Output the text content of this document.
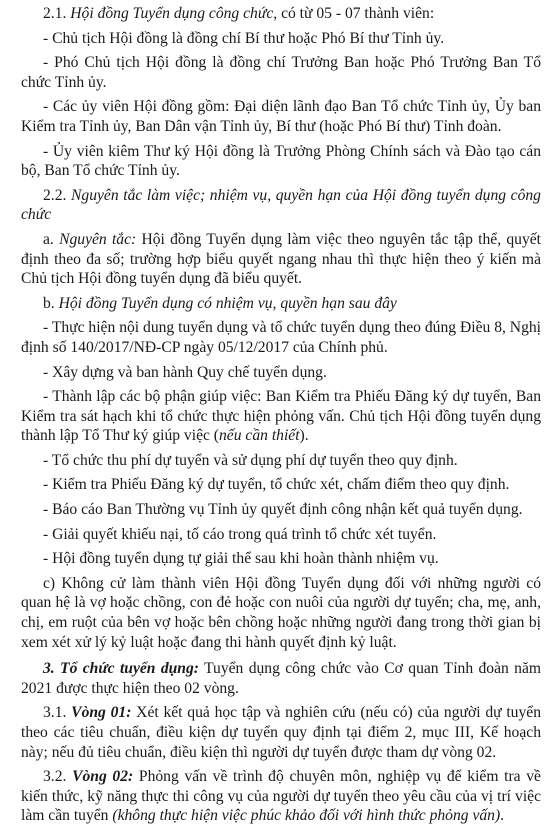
2.1. Hội đồng Tuyển dụng công chức, có từ 05 - 07 thành viên:

- Chủ tịch Hội đồng là đồng chí Bí thư hoặc Phó Bí thư Tỉnh ủy.

- Phó Chủ tịch Hội đồng là đồng chí Trưởng Ban hoặc Phó Trưởng Ban Tổ chức Tỉnh ủy.

- Các ủy viên Hội đồng gồm: Đại diện lãnh đạo Ban Tổ chức Tỉnh ủy, Ủy ban Kiểm tra Tỉnh ủy, Ban Dân vận Tỉnh ủy, Bí thư (hoặc Phó Bí thư) Tỉnh đoàn.

- Ủy viên kiêm Thư ký Hội đồng là Trưởng Phòng Chính sách và Đào tạo cán bộ, Ban Tổ chức Tỉnh ủy.

2.2. Nguyên tắc làm việc; nhiệm vụ, quyền hạn của Hội đồng tuyển dụng công chức

a. Nguyên tắc: Hội đồng Tuyển dụng làm việc theo nguyên tắc tập thể, quyết định theo đa số; trường hợp biểu quyết ngang nhau thì thực hiện theo ý kiến mà Chủ tịch Hội đồng tuyển dụng đã biểu quyết.

b. Hội đồng Tuyển dụng có nhiệm vụ, quyền hạn sau đây

- Thực hiện nội dung tuyển dụng và tổ chức tuyển dụng theo đúng Điều 8, Nghị định số 140/2017/NĐ-CP ngày 05/12/2017 của Chính phủ.

- Xây dựng và ban hành Quy chế tuyển dụng.

- Thành lập các bộ phận giúp việc: Ban Kiểm tra Phiếu Đăng ký dự tuyển, Ban Kiểm tra sát hạch khi tổ chức thực hiện phỏng vấn. Chủ tịch Hội đồng tuyển dụng thành lập Tổ Thư ký giúp việc (nếu cần thiết).

- Tổ chức thu phí dự tuyển và sử dụng phí dự tuyển theo quy định.

- Kiểm tra Phiếu Đăng ký dự tuyển, tổ chức xét, chấm điểm theo quy định.

- Báo cáo Ban Thường vụ Tỉnh ủy quyết định công nhận kết quả tuyển dụng.

- Giải quyết khiếu nại, tố cáo trong quá trình tổ chức xét tuyển.

- Hội đồng tuyển dụng tự giải thể sau khi hoàn thành nhiệm vụ.

c) Không cử làm thành viên Hội đồng Tuyển dụng đối với những người có quan hệ là vợ hoặc chồng, con đẻ hoặc con nuôi của người dự tuyển; cha, mẹ, anh, chị, em ruột của bên vợ hoặc bên chồng hoặc những người đang trong thời gian bị xem xét xử lý kỷ luật hoặc đang thi hành quyết định kỷ luật.

3. Tổ chức tuyển dụng: Tuyển dụng công chức vào Cơ quan Tỉnh đoàn năm 2021 được thực hiện theo 02 vòng.

3.1. Vòng 01: Xét kết quả học tập và nghiên cứu (nếu có) của người dự tuyển theo các tiêu chuẩn, điều kiện dự tuyển quy định tại điểm 2, mục III, Kế hoạch này; nếu đủ tiêu chuẩn, điều kiện thì người dự tuyển được tham dự vòng 02.

3.2. Vòng 02: Phỏng vấn về trình độ chuyên môn, nghiệp vụ để kiểm tra về kiến thức, kỹ năng thực thi công vụ của người dự tuyển theo yêu cầu của vị trí việc làm cần tuyển (không thực hiện việc phúc khảo đối với hình thức phỏng vấn).
